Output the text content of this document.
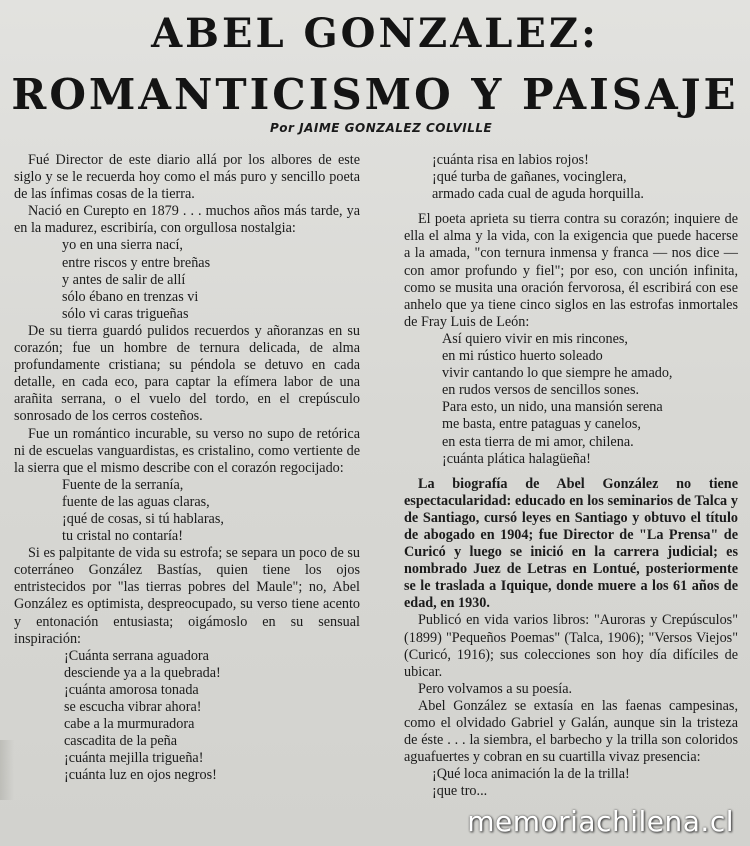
ABEL GONZALEZ:
ROMANTICISMO Y PAISAJE
Por JAIME GONZALEZ COLVILLE

Fué Director de este diario allá por los albores de este siglo y se le recuerda hoy como el más puro y sencillo poeta de las ínfimas cosas de la tierra.

Nació en Curepto en 1879 . . . muchos años más tarde, ya en la madurez, escribiría, con orgullosa nostalgia:

yo en una sierra nací,
entre riscos y entre breñas
y antes de salir de allí
sólo ébano en trenzas vi
sólo vi caras trigueñas

De su tierra guardó pulidos recuerdos y añoranzas en su corazón; fue un hombre de ternura delicada, de alma profundamente cristiana; su péndola se detuvo en cada detalle, en cada eco, para captar la efímera labor de una arañita serrana, o el vuelo del tordo, en el crepúsculo sonrosado de los cerros costeños.

Fue un romántico incurable, su verso no supo de retórica ni de escuelas vanguardistas, es cristalino, como vertiente de la sierra que el mismo describe con el corazón regocijado:

Fuente de la serranía,
fuente de las aguas claras,
¡qué de cosas, si tú hablaras,
tu cristal no contaría!

Si es palpitante de vida su estrofa; se separa un poco de su coterráneo González Bastías, quien tiene los ojos entristecidos por "las tierras pobres del Maule"; no, Abel González es optimista, despreocupado, su verso tiene acento y entonación entusiasta; oigámoslo en su sensual inspiración:

¡Cuánta serrana aguadora
desciende ya a la quebrada!
¡cuánta amorosa tonada
se escucha vibrar ahora!
cabe a la murmuradora
cascadita de la peña
¡cuánta mejilla trigueña!
¡cuánta luz en ojos negros!
¡cuánta risa en labios rojos!
¡qué turba de gañanes, vocinglera,
armado cada cual de aguda horquilla.

El poeta aprieta su tierra contra su corazón; inquiere de ella el alma y la vida, con la exigencia que puede hacerse a la amada, "con ternura inmensa y franca — nos dice — con amor profundo y fiel"; por eso, con unción infinita, como se musita una oración fervorosa, él escribirá con ese anhelo que ya tiene cinco siglos en las estrofas inmortales de Fray Luis de León:

Así quiero vivir en mis rincones,
en mi rústico huerto soleado
vivir cantando lo que siempre he amado,
en rudos versos de sencillos sones.
Para esto, un nido, una mansión serena
me basta, entre pataguas y canelos,
en esta tierra de mi amor, chilena.
¡cuánta plática halagüeña!

La biografía de Abel González no tiene espectacularidad: educado en los seminarios de Talca y de Santiago, cursó leyes en Santiago y obtuvo el título de abogado en 1904; fue Director de "La Prensa" de Curicó y luego se inició en la carrera judicial; es nombrado Juez de Letras en Lontué, posteriormente se le traslada a Iquique, donde muere a los 61 años de edad, en 1930.

Publicó en vida varios libros: "Auroras y Crepúsculos" (1899) "Pequeños Poemas" (Talca, 1906); "Versos Viejos" (Curicó, 1916); sus colecciones son hoy día difíciles de ubicar.

Pero volvamos a su poesía.

Abel González se extasía en las faenas campesinas, como el olvidado Gabriel y Galán, aunque sin la tristeza de éste . . . la siembra, el barbecho y la trilla son coloridos aguafuertes y cobran en su cuartilla vivaz presencia:

¡Qué loca animación la de la trilla!
¡que tro...
memoriachilena.cl
